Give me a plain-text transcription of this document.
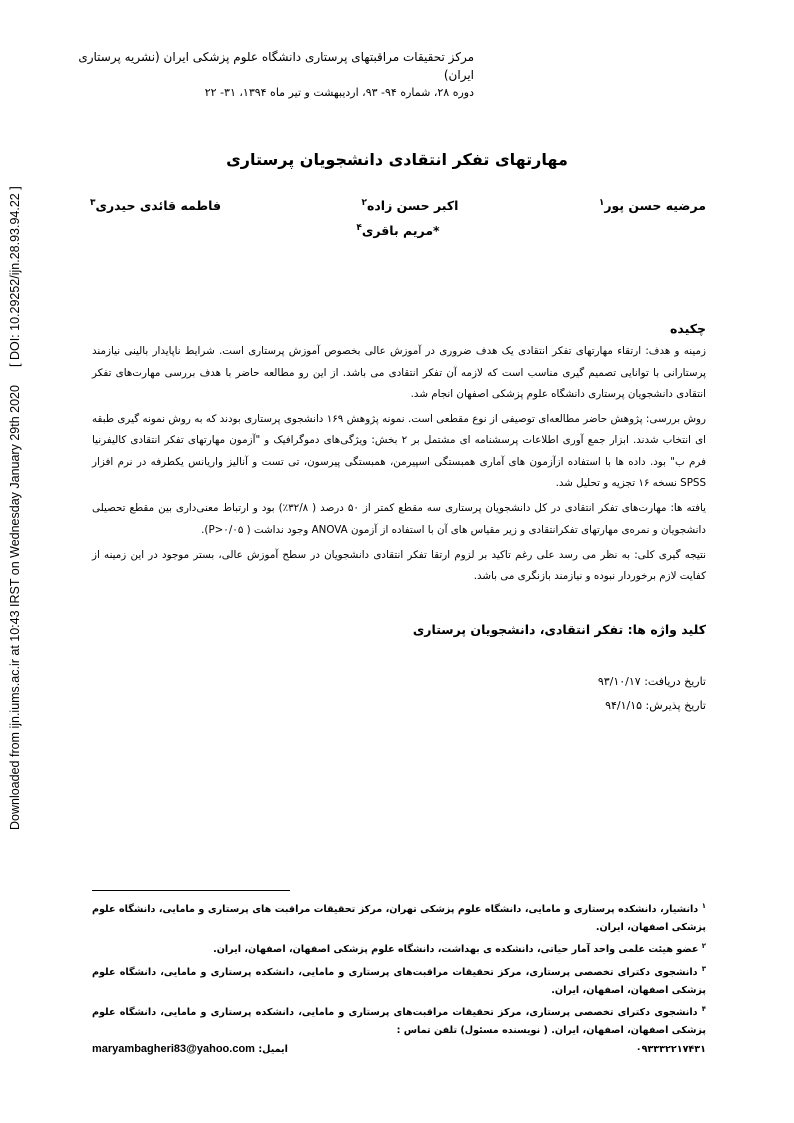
Downloaded from ijn.iums.ac.ir at 10:43 IRST on Wednesday January 29th 2020
[ DOI: 10.29252/ijn.28.93.94.22 ]
مرکز تحقیقات مراقبتهای پرستاری دانشگاه علوم پزشکی ایران (نشریه پرستاری ایران)
دوره ۲۸، شماره ۹۴- ۹۳، اردیبهشت و تیر ماه ۱۳۹۴، ۳۱- ۲۲
مهارتهای تفکر انتقادی دانشجویان پرستاری
مرضیه حسن پور$^۱$
اکبر حسن زاده$^۲$
فاطمه قائدی حیدری$^۳$
*مریم باقری$^۴$
چکیده

زمینه و هدف: ارتقاء مهارتهای تفکر انتقادی یک هدف ضروری در آموزش عالی بخصوص آموزش پرستاری است. شرایط ناپایدار بالینی نیازمند پرستارانی با توانایی تصمیم گیری مناسب است که لازمه آن تفکر انتقادی می باشد. از این رو مطالعه حاضر با هدف بررسی مهارت‌های تفکر انتقادی دانشجویان پرستاری دانشگاه علوم پزشکی اصفهان انجام شد.

روش بررسی: پژوهش حاضر مطالعه‌ای توصیفی از نوع مقطعی است. نمونه پژوهش ۱۶۹ دانشجوی پرستاری بودند که به روش نمونه گیری طبقه ای انتخاب شدند. ابزار جمع آوری اطلاعات پرسشنامه ای مشتمل بر ۲ بخش: ویژگی‌های دموگرافیک و "آزمون مهارتهای تفکر انتقادی کالیفرنیا فرم ب" بود. داده ها با استفاده ازآزمون های آماری همبستگی اسپیرمن، همبستگی پیرسون، تی تست و آنالیز واریانس یکطرفه در نرم افزار SPSS نسخه ۱۶ تجزیه و تحلیل شد.

یافته ها: مهارت‌های تفکر انتقادی در کل دانشجویان پرستاری سه مقطع کمتر از ۵۰ درصد ( ۳۲/۸٪) بود و ارتباط معنی‌داری بین مقطع تحصیلی دانشجویان و نمره‌ی مهارتهای تفکرانتقادی و زیر مقیاس های آن با استفاده از آزمون ANOVA وجود نداشت ( P>۰/۰۵).

نتیجه گیری کلی: به نظر می رسد علی رغم تاکید بر لزوم ارتقا تفکر انتقادی دانشجویان در سطح آموزش عالی، بستر موجود در این زمینه از کفایت لازم برخوردار نبوده و نیازمند بازنگری می باشد.

کلید واژه ها: تفکر انتقادی، دانشجویان پرستاری
تاریخ دریافت: ۹۳/۱۰/۱۷
تاریخ پذیرش: ۹۴/۱/۱۵

$^۱$ دانشیار، دانشکده پرستاری و مامایی، دانشگاه علوم پزشکی تهران، مرکز تحقیقات مراقبت های پرستاری و مامایی، دانشگاه علوم پزشکی اصفهان، ایران.

$^۲$ عضو هیئت علمی واحد آمار حیاتی، دانشکده ی بهداشت، دانشگاه علوم پزشکی اصفهان، اصفهان، ایران.

$^۳$ دانشجوی دکترای تخصصی پرستاری، مرکز تحقیقات مراقبت‌های پرستاری و مامایی، دانشکده پرستاری و مامایی، دانشگاه علوم پزشکی اصفهان، اصفهان، ایران.

$^۴$ دانشجوی دکترای تخصصی پرستاری، مرکز تحقیقات مراقبت‌های پرستاری و مامایی، دانشکده پرستاری و مامایی، دانشگاه علوم پزشکی اصفهان، اصفهان، ایران. ( نویسنده مسئول) تلفن تماس :

۰۹۳۳۳۲۲۱۷۴۳۱
ایمیل: maryambagheri83@yahoo.com
